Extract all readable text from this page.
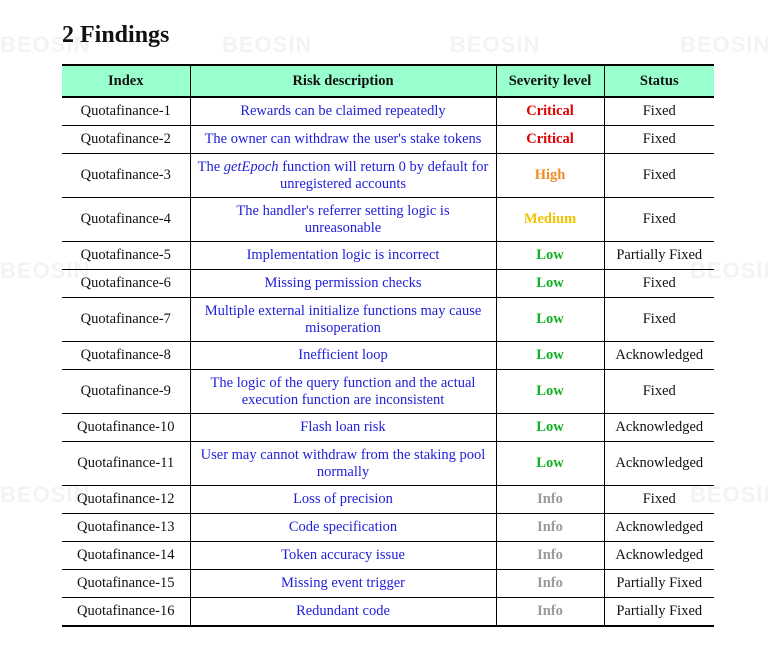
2 Findings
Index	Risk description	Severity level	Status
Quotafinance-1	Rewards can be claimed repeatedly	Critical	Fixed
Quotafinance-2	The owner can withdraw the user's stake tokens	Critical	Fixed
Quotafinance-3	The getEpoch function will return 0 by default for unregistered accounts	High	Fixed
Quotafinance-4	The handler's referrer setting logic is unreasonable	Medium	Fixed
Quotafinance-5	Implementation logic is incorrect	Low	Partially Fixed
Quotafinance-6	Missing permission checks	Low	Fixed
Quotafinance-7	Multiple external initialize functions may cause misoperation	Low	Fixed
Quotafinance-8	Inefficient loop	Low	Acknowledged
Quotafinance-9	The logic of the query function and the actual execution function are inconsistent	Low	Fixed
Quotafinance-10	Flash loan risk	Low	Acknowledged
Quotafinance-11	User may cannot withdraw from the staking pool normally	Low	Acknowledged
Quotafinance-12	Loss of precision	Info	Fixed
Quotafinance-13	Code specification	Info	Acknowledged
Quotafinance-14	Token accuracy issue	Info	Acknowledged
Quotafinance-15	Missing event trigger	Info	Partially Fixed
Quotafinance-16	Redundant code	Info	Partially Fixed
